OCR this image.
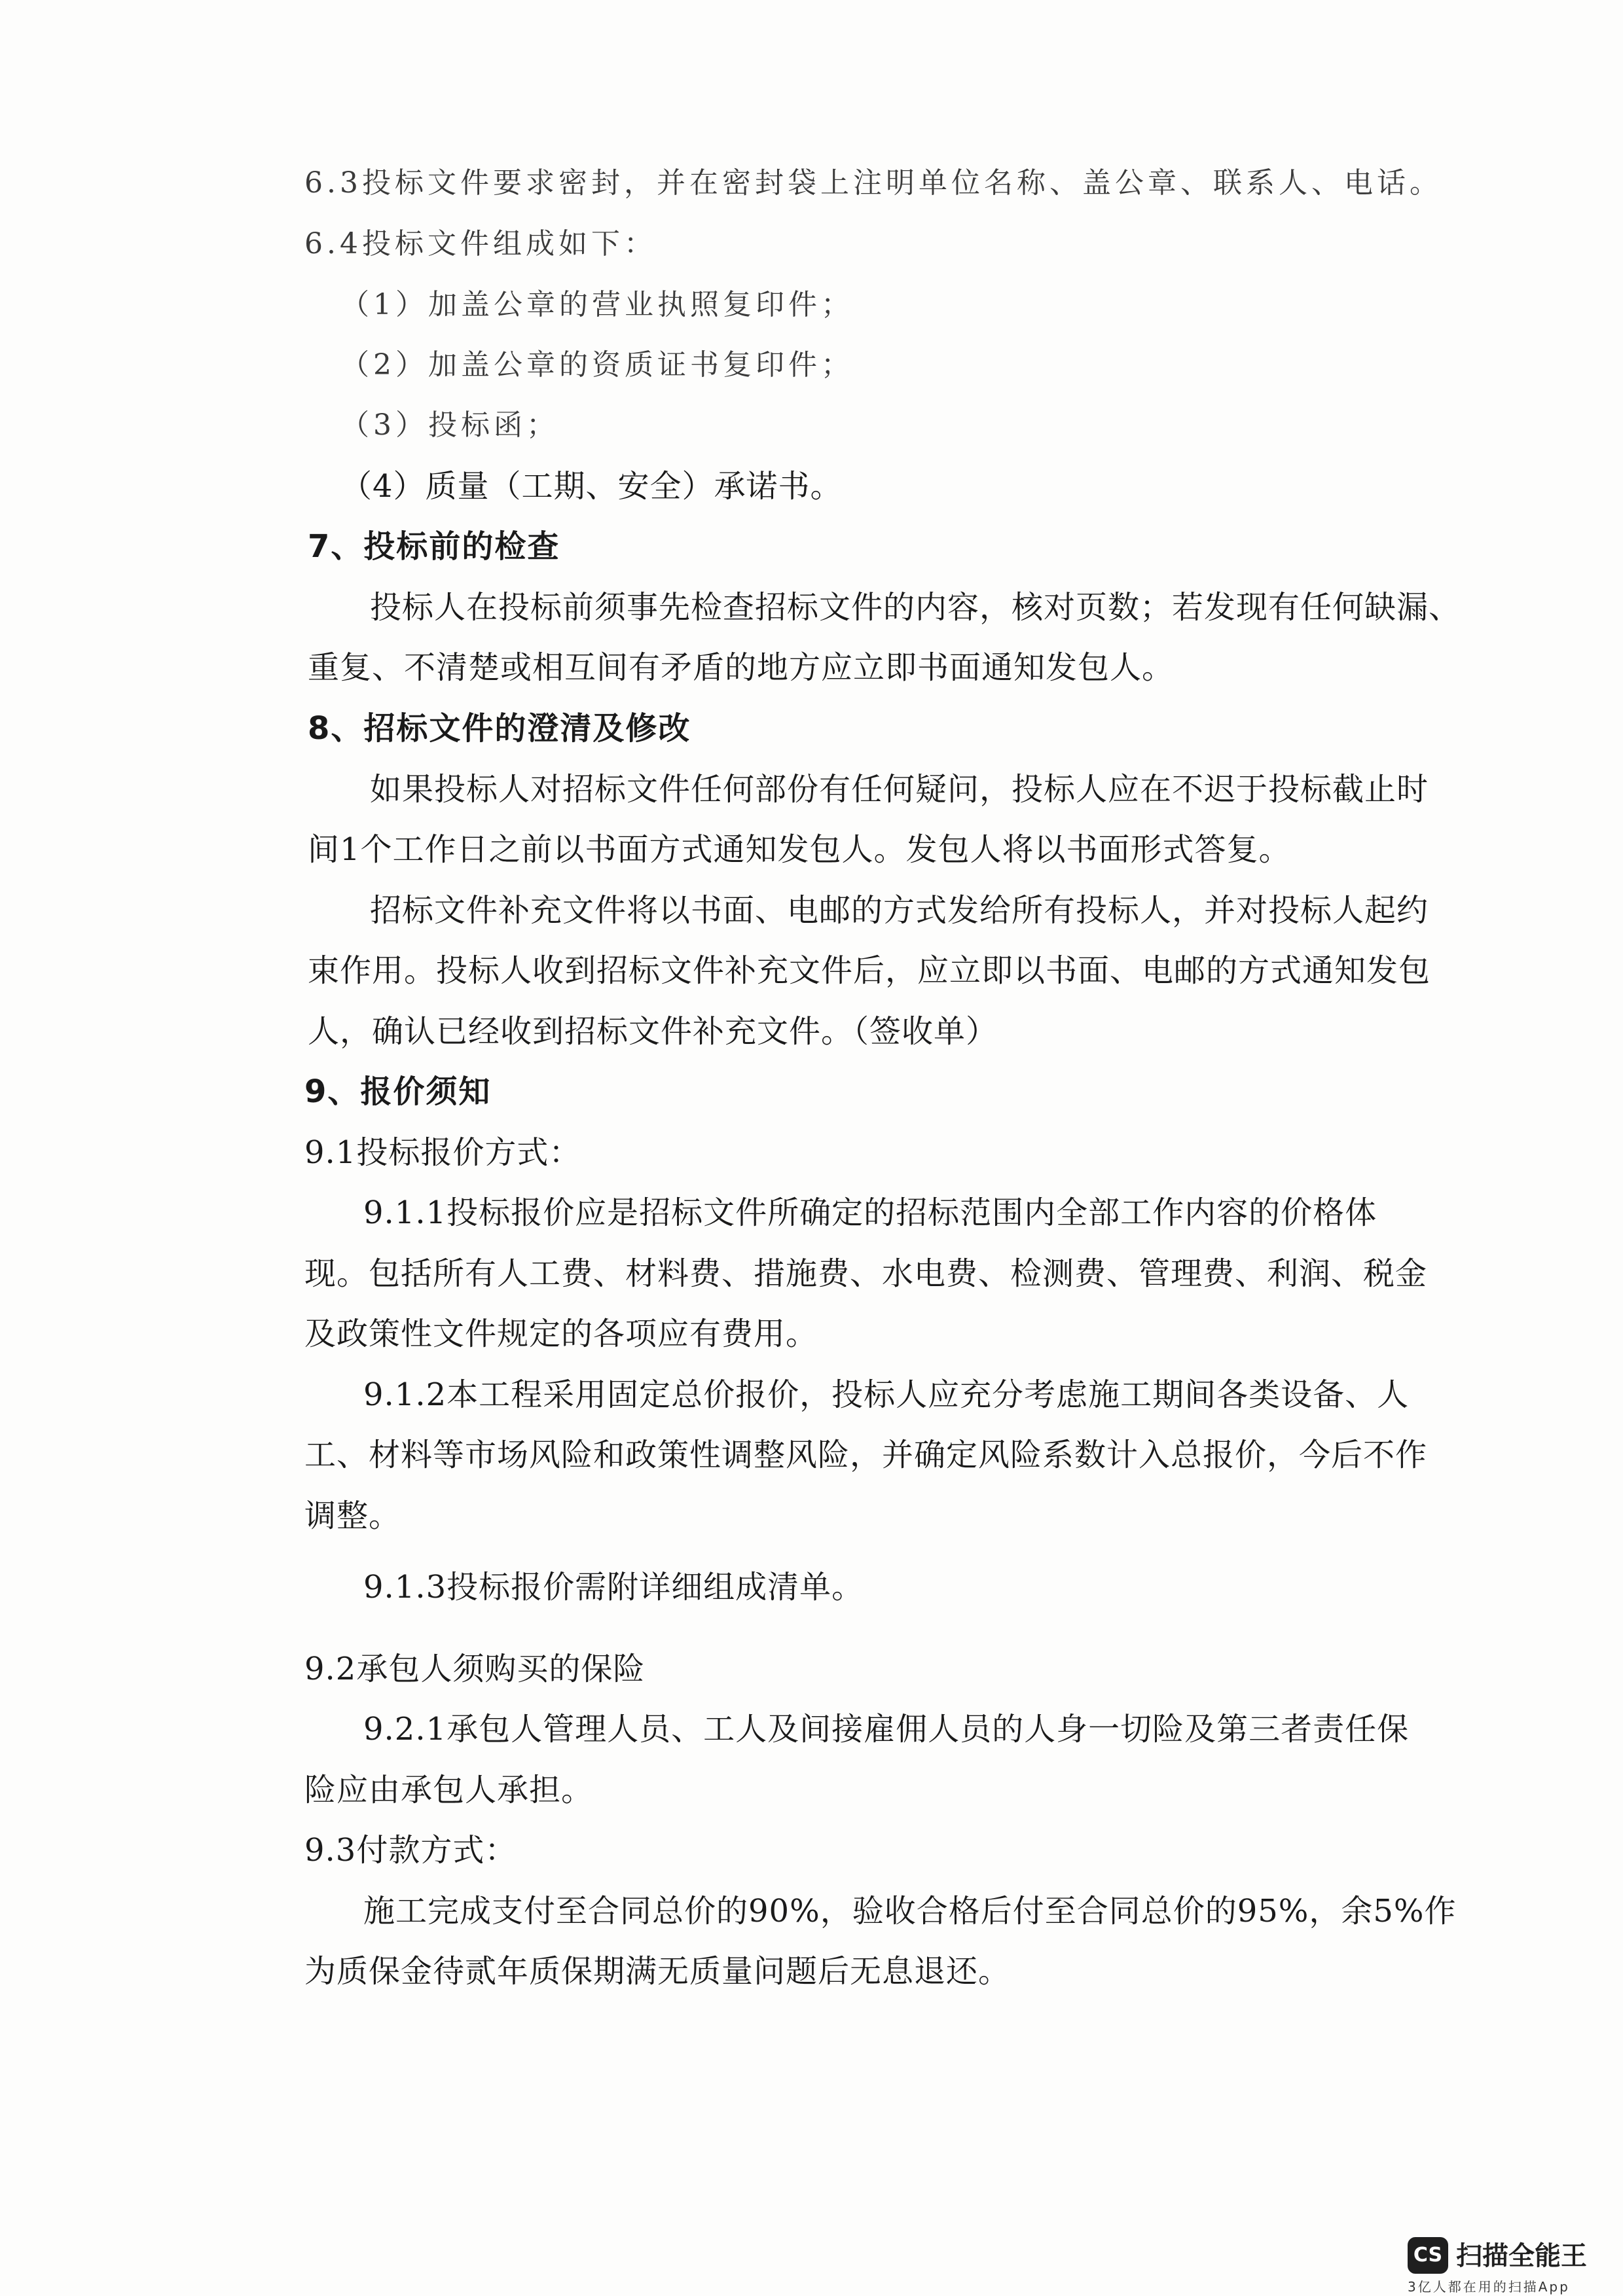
6.3投标文件要求密封，并在密封袋上注明单位名称、盖公章、联系人、电话。
6.4投标文件组成如下：
（1）加盖公章的营业执照复印件；
（2）加盖公章的资质证书复印件；
（3）投标函；
（4）质量（工期、安全）承诺书。
7、投标前的检查
投标人在投标前须事先检查招标文件的内容，核对页数；若发现有任何缺漏、
重复、不清楚或相互间有矛盾的地方应立即书面通知发包人。
8、招标文件的澄清及修改
如果投标人对招标文件任何部份有任何疑问，投标人应在不迟于投标截止时
间1个工作日之前以书面方式通知发包人。发包人将以书面形式答复。
招标文件补充文件将以书面、电邮的方式发给所有投标人，并对投标人起约
束作用。投标人收到招标文件补充文件后，应立即以书面、电邮的方式通知发包
人，确认已经收到招标文件补充文件。（签收单）
9、报价须知
9.1投标报价方式：
9.1.1投标报价应是招标文件所确定的招标范围内全部工作内容的价格体
现。包括所有人工费、材料费、措施费、水电费、检测费、管理费、利润、税金
及政策性文件规定的各项应有费用。
9.1.2本工程采用固定总价报价，投标人应充分考虑施工期间各类设备、人
工、材料等市场风险和政策性调整风险，并确定风险系数计入总报价，今后不作
调整。
9.1.3投标报价需附详细组成清单。
9.2承包人须购买的保险
9.2.1承包人管理人员、工人及间接雇佣人员的人身一切险及第三者责任保
险应由承包人承担。
9.3付款方式：
施工完成支付至合同总价的90%，验收合格后付至合同总价的95%，余5%作
为质保金待贰年质保期满无质量问题后无息退还。
CS 扫描全能王
3亿人都在用的扫描App
